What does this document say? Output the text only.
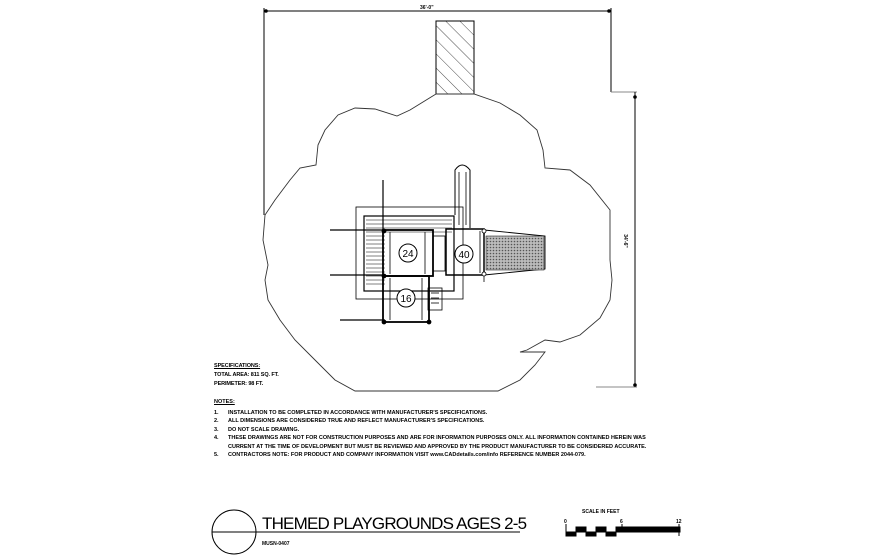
24	40
16
36'-0"
34'-6"
SPECIFICATIONS:
TOTAL AREA: 811 SQ. FT.
PERIMETER: 98 FT.
NOTES:
1.	INSTALLATION TO BE COMPLETED IN ACCORDANCE WITH MANUFACTURER'S SPECIFICATIONS.
2.	ALL DIMENSIONS ARE CONSIDERED TRUE AND REFLECT MANUFACTURER'S SPECIFICATIONS.
3.	DO NOT SCALE DRAWING.
4.	THESE DRAWINGS ARE NOT FOR CONSTRUCTION PURPOSES AND ARE FOR INFORMATION PURPOSES ONLY. ALL INFORMATION CONTAINED HEREIN WAS CURRENT AT THE TIME OF DEVELOPMENT BUT MUST BE REVIEWED AND APPROVED BY THE PRODUCT MANUFACTURER TO BE CONSIDERED ACCURATE.
5.	CONTRACTORS NOTE: FOR PRODUCT AND COMPANY INFORMATION VISIT www.CADdetails.com/info REFERENCE NUMBER 2044-079.
THEMED PLAYGROUNDS AGES 2-5
MUSN-0407
SCALE IN FEET
0	6	12
